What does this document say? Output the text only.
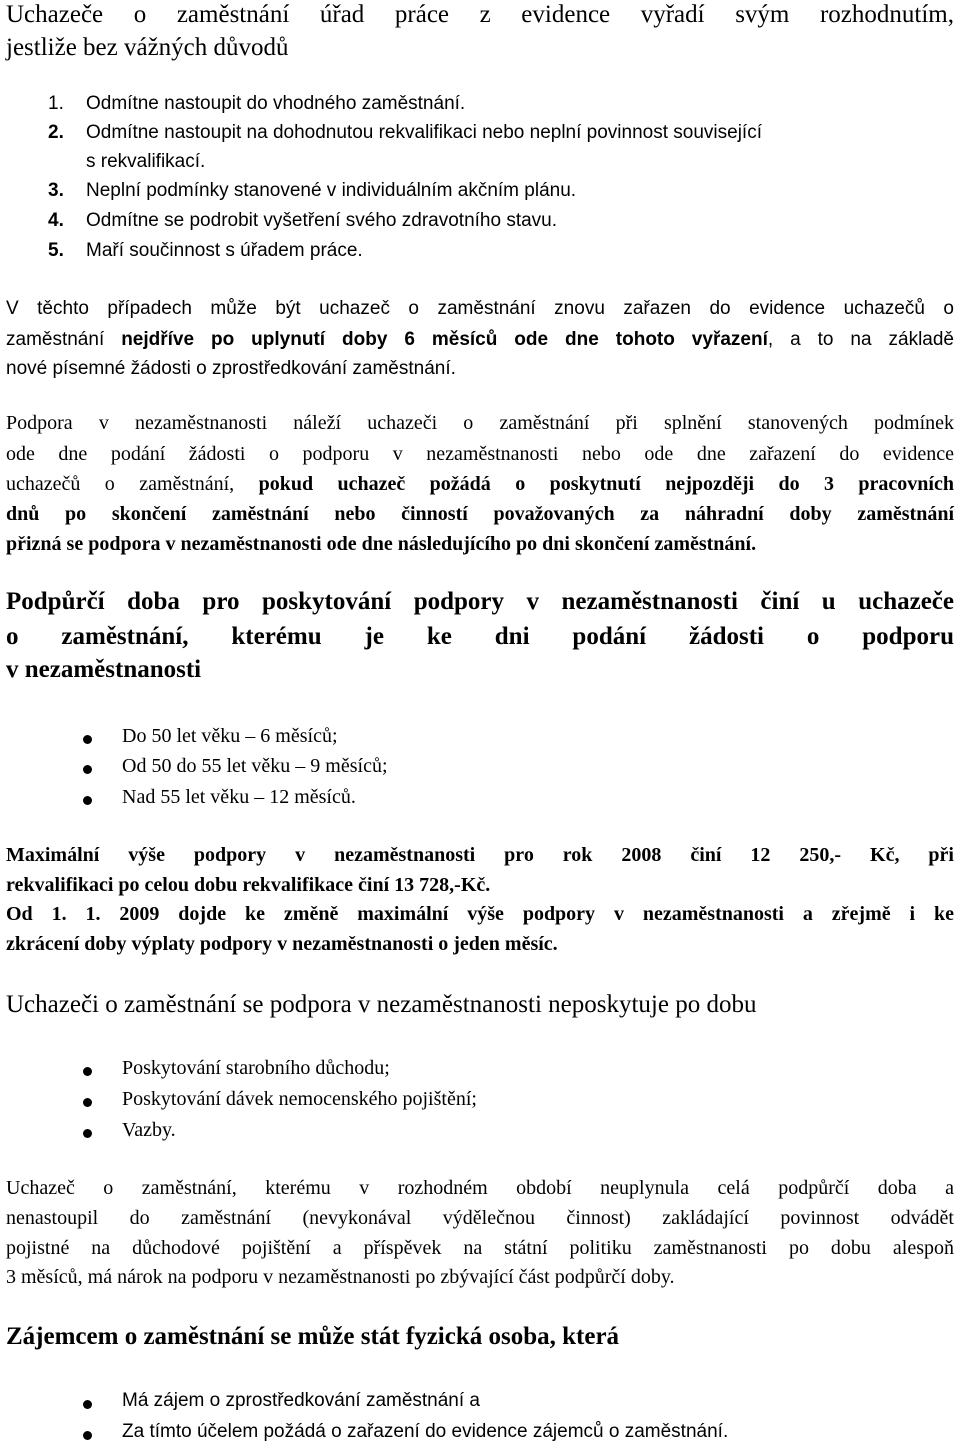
Uchazeče o zaměstnání úřad práce z evidence vyřadí svým rozhodnutím,
jestliže bez vážných důvodů
1. Odmítne nastoupit do vhodného zaměstnání.
2. Odmítne nastoupit na dohodnutou rekvalifikaci nebo neplní povinnost související
s rekvalifikací.
3. Neplní podmínky stanovené v individuálním akčním plánu.
4. Odmítne se podrobit vyšetření svého zdravotního stavu.
5. Maří součinnost s úřadem práce.
V těchto případech může být uchazeč o zaměstnání znovu zařazen do evidence uchazečů o
zaměstnání nejdříve po uplynutí doby 6 měsíců ode dne tohoto vyřazení, a to na základě
nové písemné žádosti o zprostředkování zaměstnání.
Podpora v nezaměstnanosti náleží uchazeči o zaměstnání při splnění stanovených podmínek
ode dne podání žádosti o podporu v nezaměstnanosti nebo ode dne zařazení do evidence
uchazečů o zaměstnání, pokud uchazeč požádá o poskytnutí nejpozději do 3 pracovních
dnů po skončení zaměstnání nebo činností považovaných za náhradní doby zaměstnání
přizná se podpora v nezaměstnanosti ode dne následujícího po dni skončení zaměstnání.
Podpůrčí doba pro poskytování podpory v nezaměstnanosti činí u uchazeče
o zaměstnání, kterému je ke dni podání žádosti o podporu
v nezaměstnanosti
Do 50 let věku – 6 měsíců;
Od 50 do 55 let věku – 9 měsíců;
Nad 55 let věku – 12 měsíců.
Maximální výše podpory v nezaměstnanosti pro rok 2008 činí 12 250,- Kč, při
rekvalifikaci po celou dobu rekvalifikace činí 13 728,-Kč.
Od 1. 1. 2009 dojde ke změně maximální výše podpory v nezaměstnanosti a zřejmě i ke
zkrácení doby výplaty podpory v nezaměstnanosti o jeden měsíc.
Uchazeči o zaměstnání se podpora v nezaměstnanosti neposkytuje po dobu
Poskytování starobního důchodu;
Poskytování dávek nemocenského pojištění;
Vazby.
Uchazeč o zaměstnání, kterému v rozhodném období neuplynula celá podpůrčí doba a
nenastoupil do zaměstnání (nevykonával výdělečnou činnost) zakládající povinnost odvádět
pojistné na důchodové pojištění a příspěvek na státní politiku zaměstnanosti po dobu alespoň
3 měsíců, má nárok na podporu v nezaměstnanosti po zbývající část podpůrčí doby.
Zájemcem o zaměstnání se může stát fyzická osoba, která
Má zájem o zprostředkování zaměstnání a
Za tímto účelem požádá o zařazení do evidence zájemců o zaměstnání.
